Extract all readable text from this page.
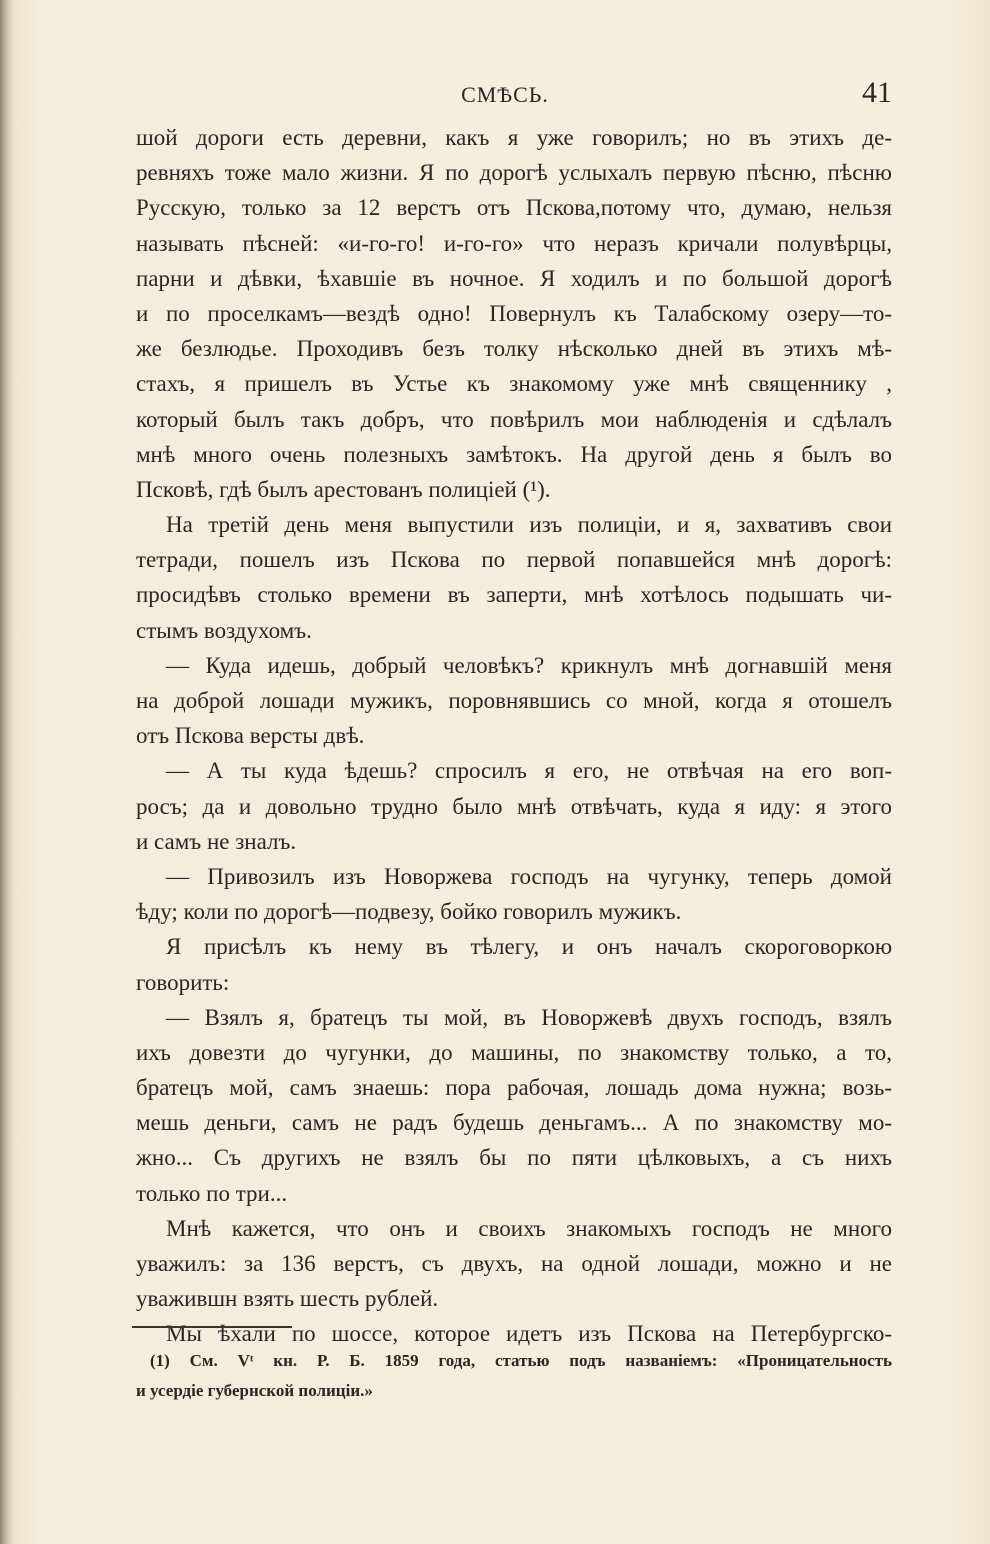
СМѢСЬ.	41
шой дороги есть деревни, какъ я уже говорилъ; но въ этихъ де-
ревняхъ тоже мало жизни. Я по дорогѣ услыхалъ первую пѣсню, пѣсню
Русскую, только за 12 верстъ отъ Пскова,потому что, думаю, нельзя
называть пѣсней: «и-го-го! и-го-го» что неразъ кричали полувѣрцы,
парни и дѣвки, ѣхавшіе въ ночное. Я ходилъ и по большой дорогѣ
и по проселкамъ—вездѣ одно! Повернулъ къ Талабскому озеру—то-
же безлюдье. Проходивъ безъ толку нѣсколько дней въ этихъ мѣ-
стахъ, я пришелъ въ Устье къ знакомому уже мнѣ священнику ,
который былъ такъ добръ, что повѣрилъ мои наблюденія и сдѣлалъ
мнѣ много очень полезныхъ замѣтокъ. На другой день я былъ во
Псковѣ, гдѣ былъ арестованъ полиціей (¹).
На третій день меня выпустили изъ полиціи, и я, захвативъ свои
тетради, пошелъ изъ Пскова по первой попавшейся мнѣ дорогѣ:
просидѣвъ столько времени въ заперти, мнѣ хотѣлось подышать чи-
стымъ воздухомъ.
— Куда идешь, добрый человѣкъ? крикнулъ мнѣ догнавшій меня
на доброй лошади мужикъ, поровнявшись со мной, когда я отошелъ
отъ Пскова версты двѣ.
— А ты куда ѣдешь? спросилъ я его, не отвѣчая на его воп-
росъ; да и довольно трудно было мнѣ отвѣчать, куда я иду: я этого
и самъ не зналъ.
— Привозилъ изъ Новоржева господъ на чугунку, теперь домой
ѣду; коли по дорогѣ—подвезу, бойко говорилъ мужикъ.
Я присѣлъ къ нему въ тѣлегу, и онъ началъ скороговоркою
говорить:
— Взялъ я, братецъ ты мой, въ Новоржевѣ двухъ господъ, взялъ
ихъ довезти до чугунки, до машины, по знакомству только, а то,
братецъ мой, самъ знаешь: пора рабочая, лошадь дома нужна; возь-
мешь деньги, самъ не радъ будешь деньгамъ... А по знакомству мо-
жно... Съ другихъ не взялъ бы по пяти цѣлковыхъ, а съ нихъ
только по три...
Мнѣ кажется, что онъ и своихъ знакомыхъ господъ не много
уважилъ: за 136 верстъ, съ двухъ, на одной лошади, можно и не
уважившн взять шесть рублей.
Мы ѣхали по шоссе, которое идетъ изъ Пскова на Петербургско-
(1) См. Vᵗ кн. Р. Б. 1859 года, статью подъ названіемъ: «Проницательность
и усердіе губернской полиціи.»
